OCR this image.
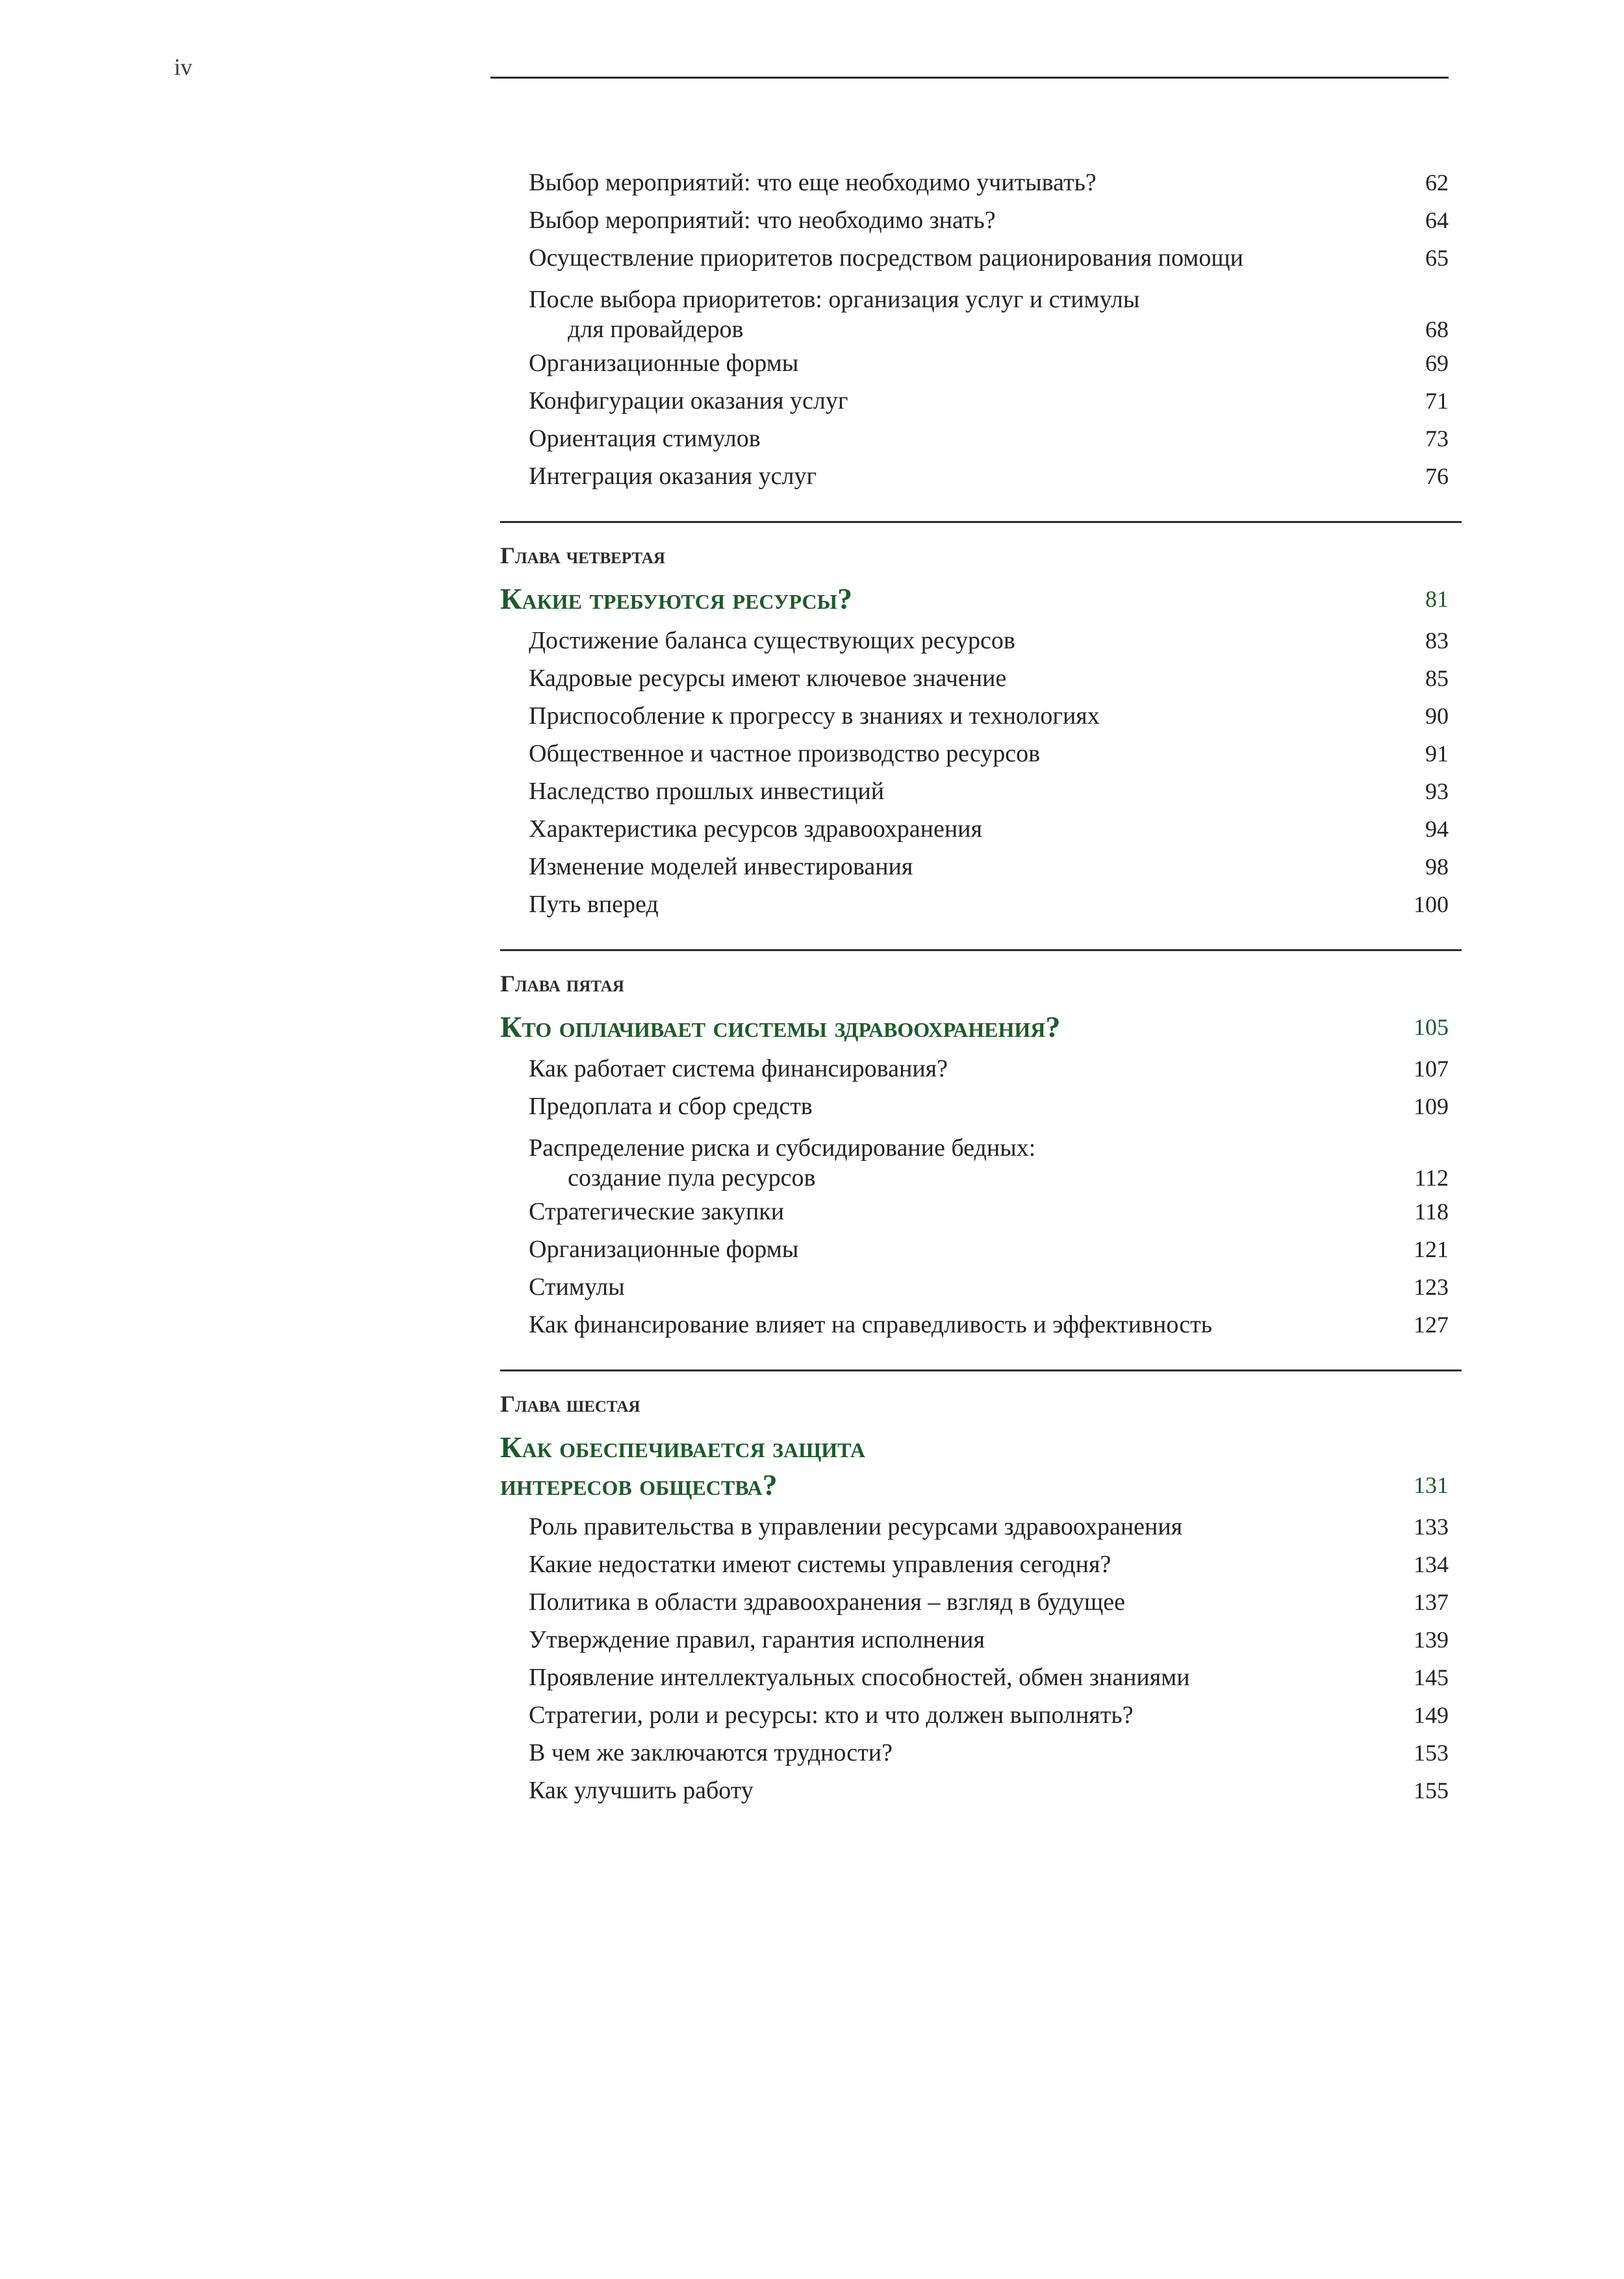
iv
Выбор мероприятий: что еще необходимо учитывать?	62
Выбор мероприятий: что необходимо знать?	64
Осуществление приоритетов посредством рационирования помощи	65
После выбора приоритетов: организация услуг и стимулы
для провайдеров	68
Организационные формы	69
Конфигурации оказания услуг	71
Ориентация стимулов	73
Интеграция оказания услуг	76
Глава четвертая
Какие требуются ресурсы?	81
Достижение баланса существующих ресурсов	83
Кадровые ресурсы имеют ключевое значение	85
Приспособление к прогрессу в знаниях и технологиях	90
Общественное и частное производство ресурсов	91
Наследство прошлых инвестиций	93
Характеристика ресурсов здравоохранения	94
Изменение моделей инвестирования	98
Путь вперед	100
Глава пятая
Кто оплачивает системы здравоохранения?	105
Как работает система финансирования?	107
Предоплата и сбор средств	109
Распределение риска и субсидирование бедных:
создание пула ресурсов	112
Стратегические закупки	118
Организационные формы	121
Стимулы	123
Как финансирование влияет на справедливость и эффективность	127
Глава шестая
Как обеспечивается защита
интересов общества?	131
Роль правительства в управлении ресурсами здравоохранения	133
Какие недостатки имеют системы управления сегодня?	134
Политика в области здравоохранения – взгляд в будущее	137
Утверждение правил, гарантия исполнения	139
Проявление интеллектуальных способностей, обмен знаниями	145
Стратегии, роли и ресурсы: кто и что должен выполнять?	149
В чем же заключаются трудности?	153
Как улучшить работу	155
